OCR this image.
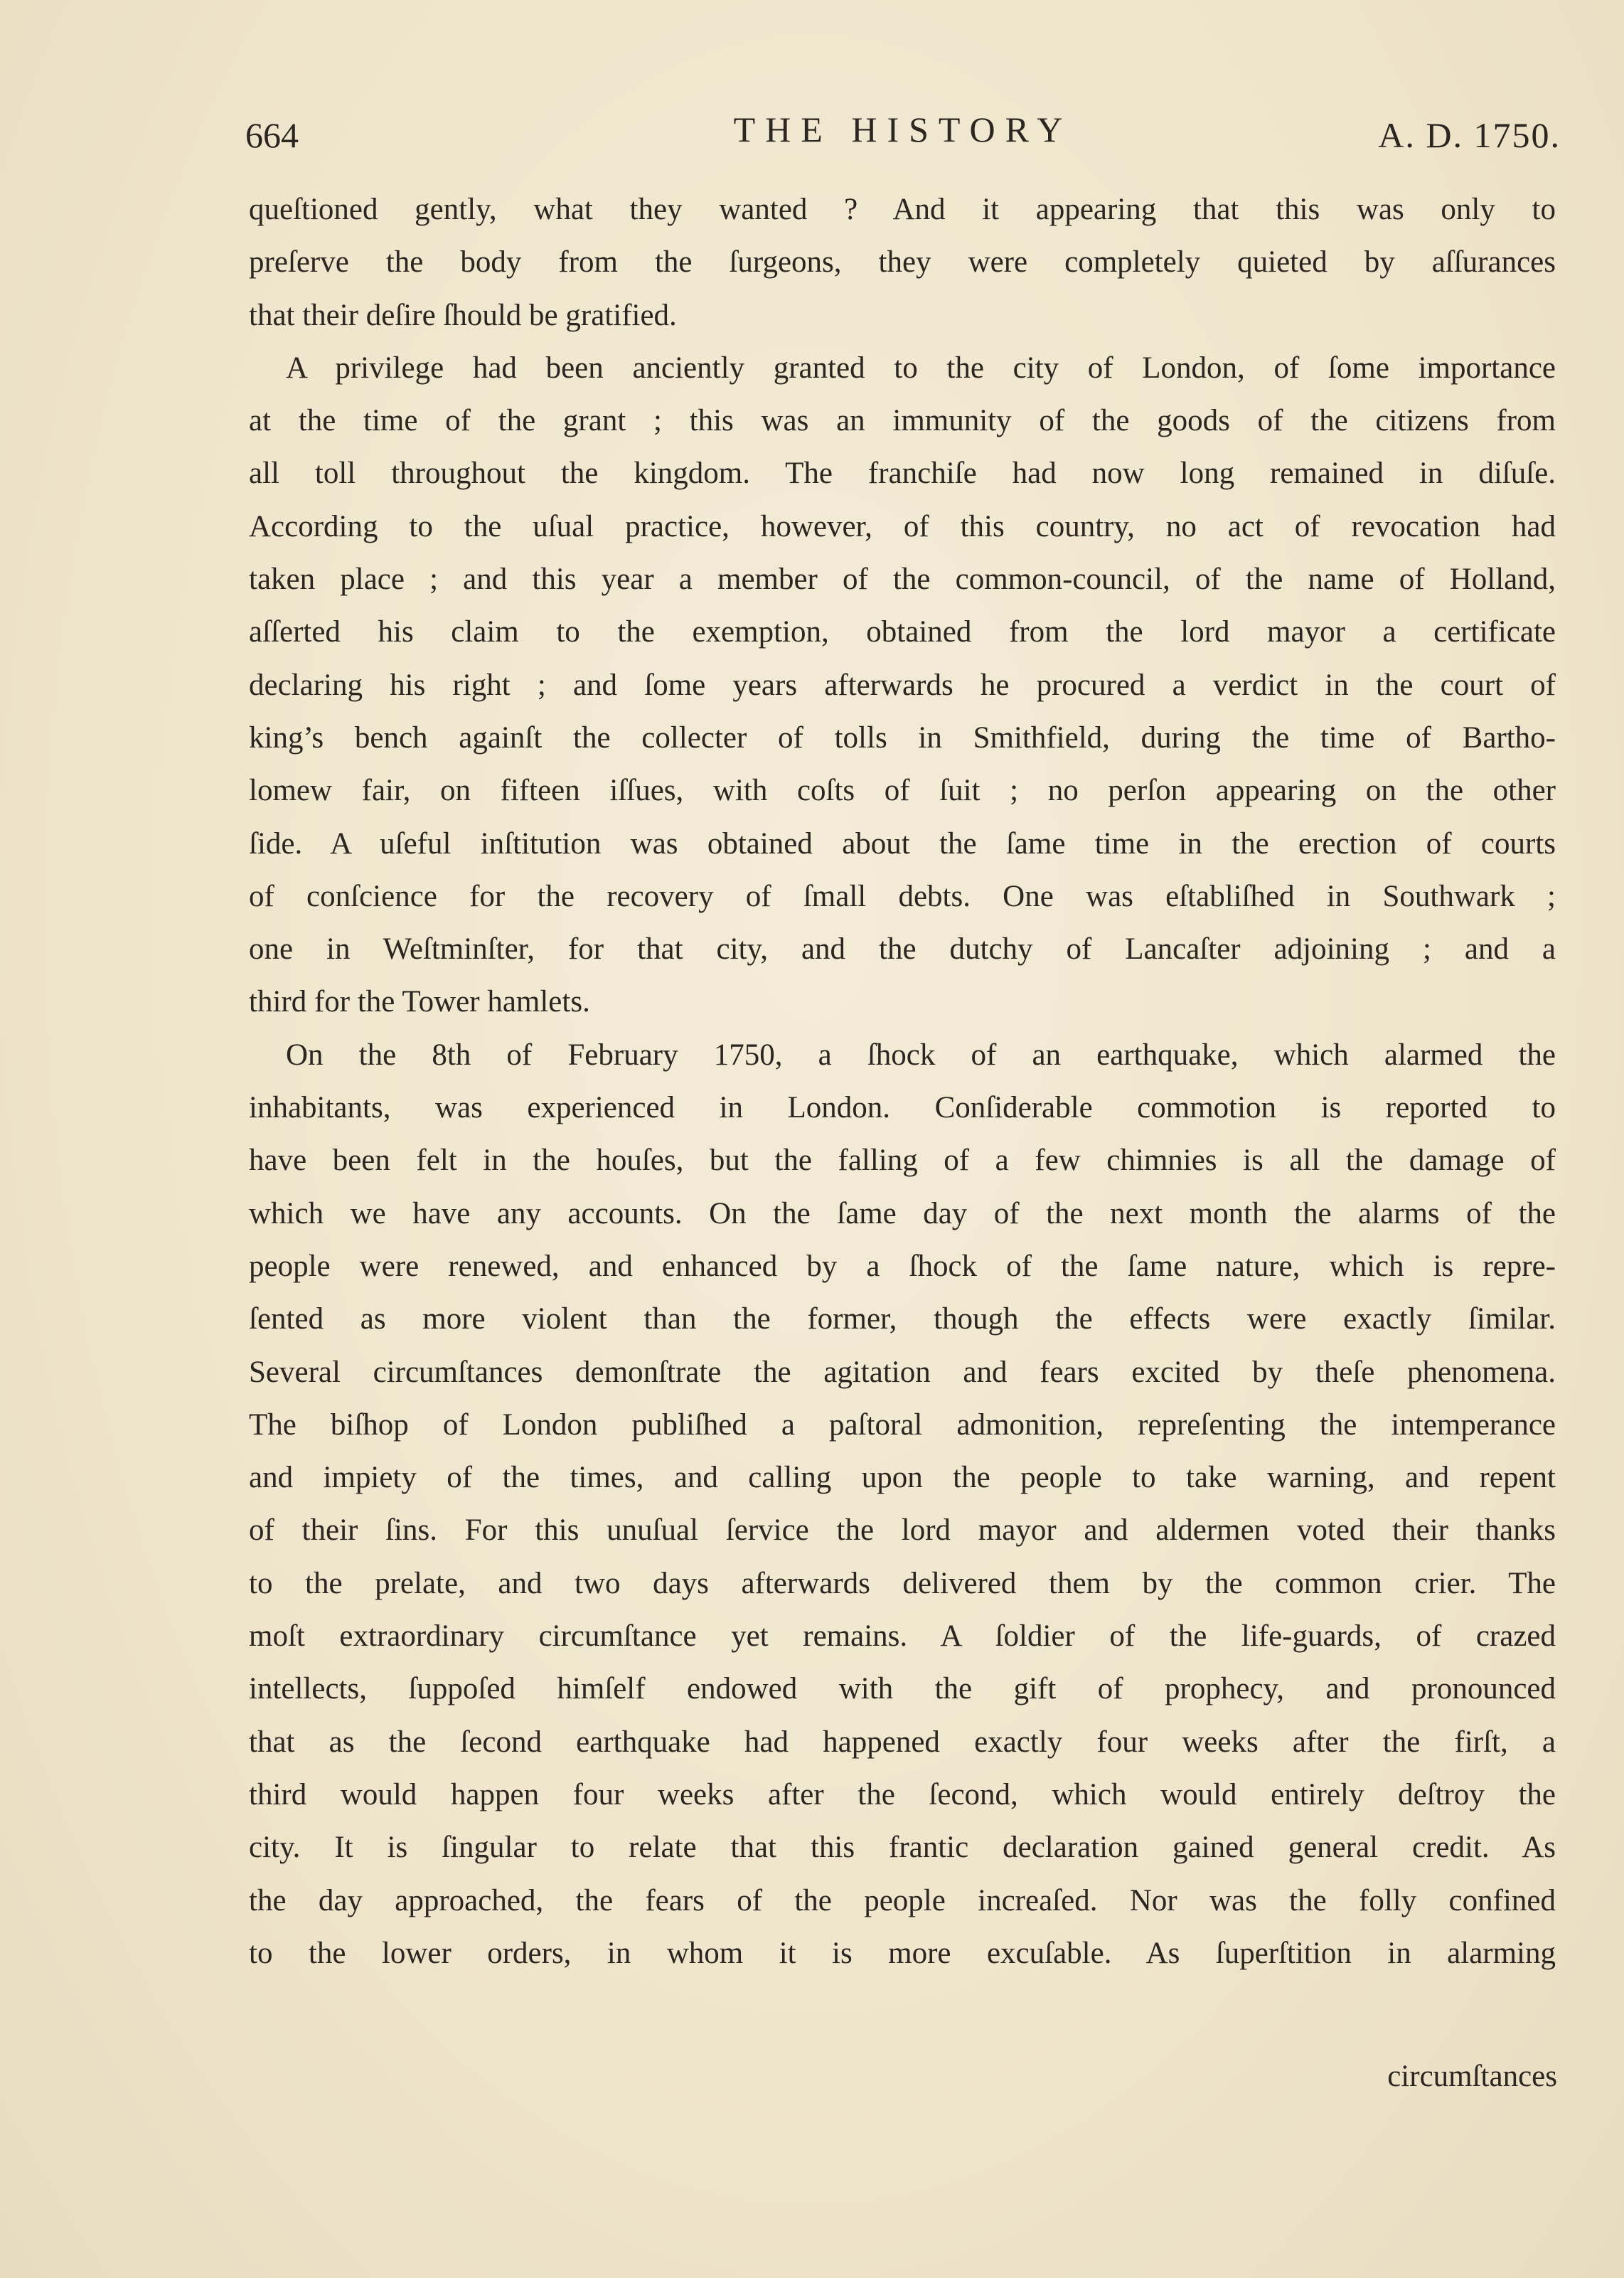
664	THE HISTORY	A. D. 1750.
queſtioned gently, what they wanted ? And it appearing that this was only to
preſerve the body from the ſurgeons, they were completely quieted by aſſurances
that their deſire ſhould be gratified.
A privilege had been anciently granted to the city of London, of ſome importance
at the time of the grant ; this was an immunity of the goods of the citizens from
all toll throughout the kingdom. The franchiſe had now long remained in diſuſe.
According to the uſual practice, however, of this country, no act of revocation had
taken place ; and this year a member of the common-council, of the name of Holland,
aſſerted his claim to the exemption, obtained from the lord mayor a certificate
declaring his right ; and ſome years afterwards he procured a verdict in the court of
king’s bench againſt the collecter of tolls in Smithfield, during the time of Bartho-
lomew fair, on fifteen iſſues, with coſts of ſuit ; no perſon appearing on the other
ſide. A uſeful inſtitution was obtained about the ſame time in the erection of courts
of conſcience for the recovery of ſmall debts. One was eſtabliſhed in Southwark ;
one in Weſtminſter, for that city, and the dutchy of Lancaſter adjoining ; and a
third for the Tower hamlets.
On the 8th of February 1750, a ſhock of an earthquake, which alarmed the
inhabitants, was experienced in London. Conſiderable commotion is reported to
have been felt in the houſes, but the falling of a few chimnies is all the damage of
which we have any accounts. On the ſame day of the next month the alarms of the
people were renewed, and enhanced by a ſhock of the ſame nature, which is repre-
ſented as more violent than the former, though the effects were exactly ſimilar.
Several circumſtances demonſtrate the agitation and fears excited by theſe phenomena.
The biſhop of London publiſhed a paſtoral admonition, repreſenting the intemperance
and impiety of the times, and calling upon the people to take warning, and repent
of their ſins. For this unuſual ſervice the lord mayor and aldermen voted their thanks
to the prelate, and two days afterwards delivered them by the common crier. The
moſt extraordinary circumſtance yet remains. A ſoldier of the life-guards, of crazed
intellects, ſuppoſed himſelf endowed with the gift of prophecy, and pronounced
that as the ſecond earthquake had happened exactly four weeks after the firſt, a
third would happen four weeks after the ſecond, which would entirely deſtroy the
city. It is ſingular to relate that this frantic declaration gained general credit. As
the day approached, the fears of the people increaſed. Nor was the folly confined
to the lower orders, in whom it is more excuſable. As ſuperſtition in alarming
circumſtances
